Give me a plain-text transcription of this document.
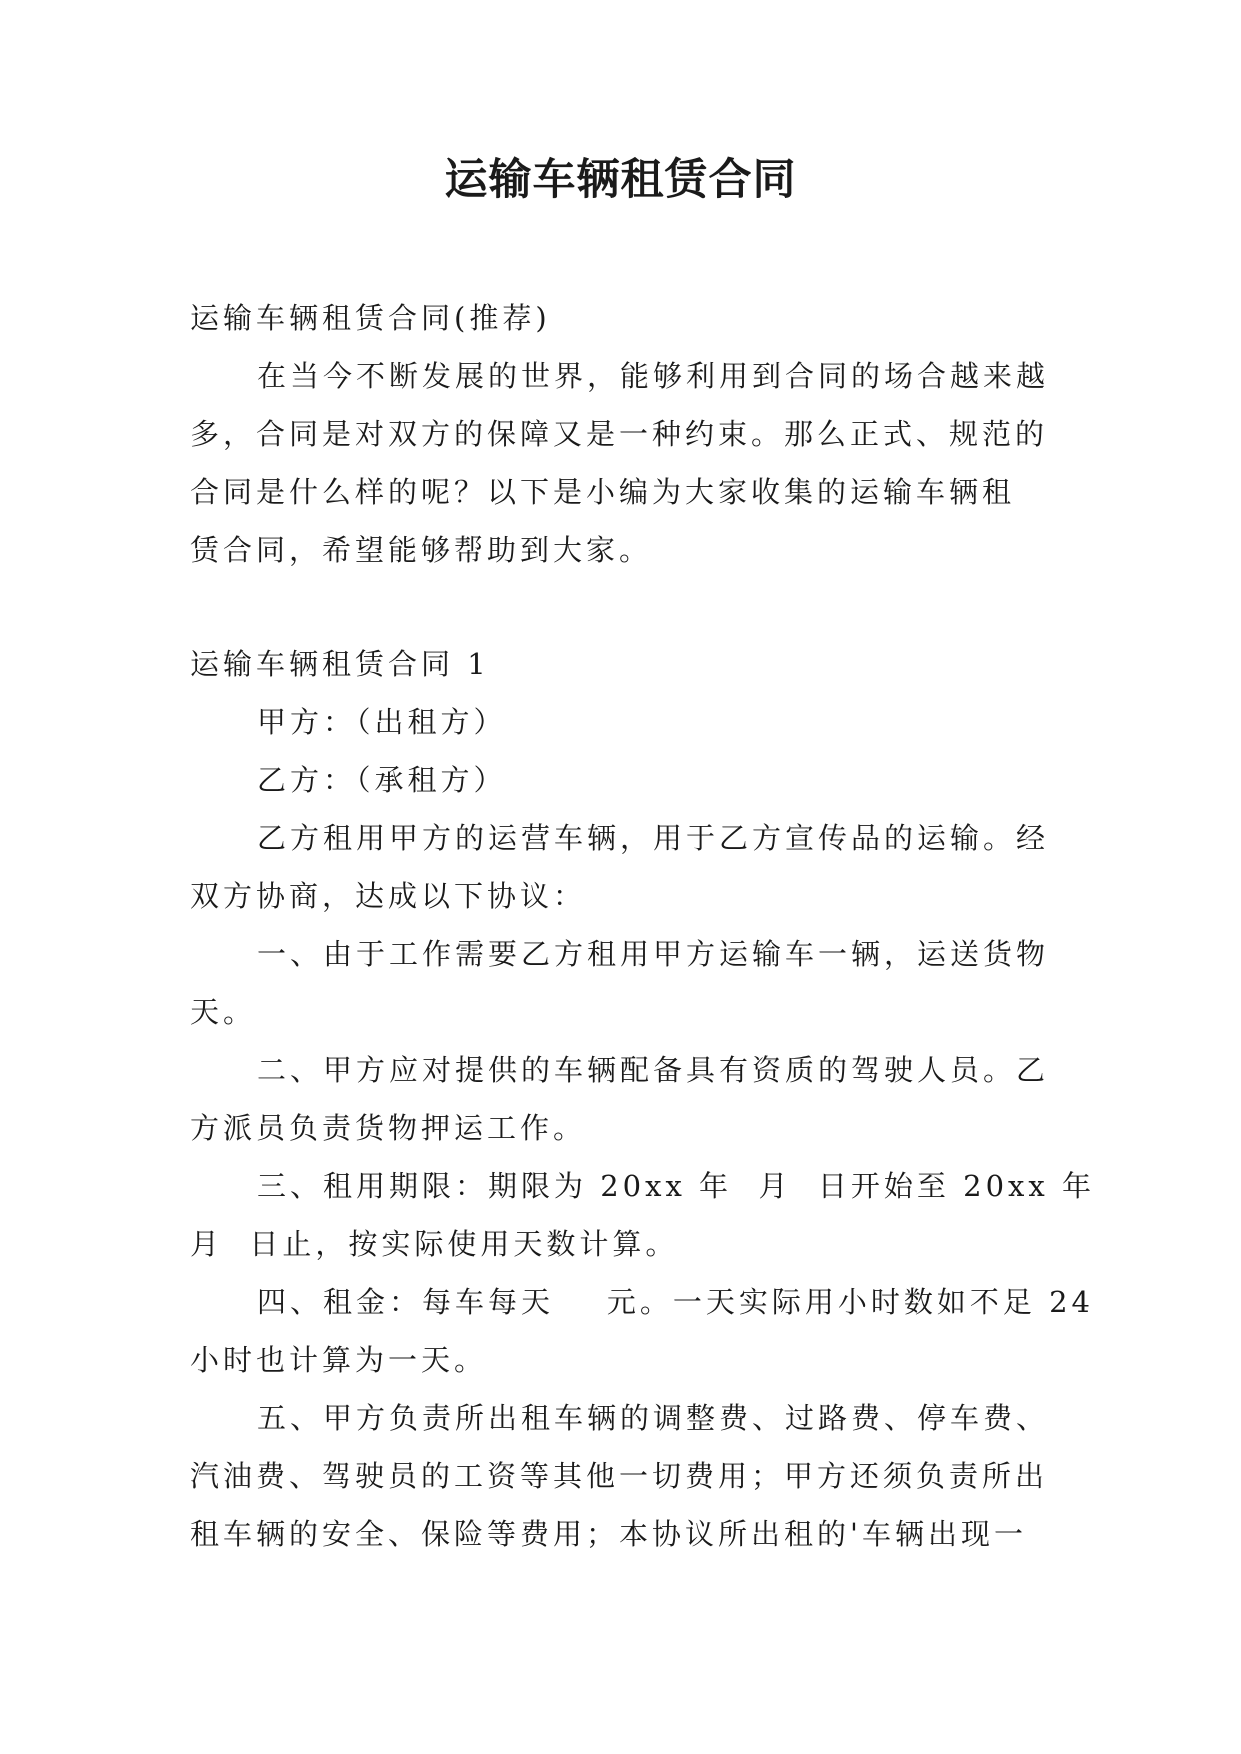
运输车辆租赁合同
运输车辆租赁合同(推荐)
在当今不断发展的世界，能够利用到合同的场合越来越
多，合同是对双方的保障又是一种约束。那么正式、规范的
合同是什么样的呢？以下是小编为大家收集的运输车辆租
赁合同，希望能够帮助到大家。
运输车辆租赁合同 1
甲方：（出租方）
乙方：（承租方）
乙方租用甲方的运营车辆，用于乙方宣传品的运输。经
双方协商，达成以下协议：
一、由于工作需要乙方租用甲方运输车一辆，运送货物
天。
二、甲方应对提供的车辆配备具有资质的驾驶人员。乙
方派员负责货物押运工作。
三、租用期限：期限为 20xx 年  月  日开始至 20xx 年
月  日止，按实际使用天数计算。
四、租金：每车每天    元。一天实际用小时数如不足 24
小时也计算为一天。
五、甲方负责所出租车辆的调整费、过路费、停车费、
汽油费、驾驶员的工资等其他一切费用；甲方还须负责所出
租车辆的安全、保险等费用；本协议所出租的'车辆出现一
